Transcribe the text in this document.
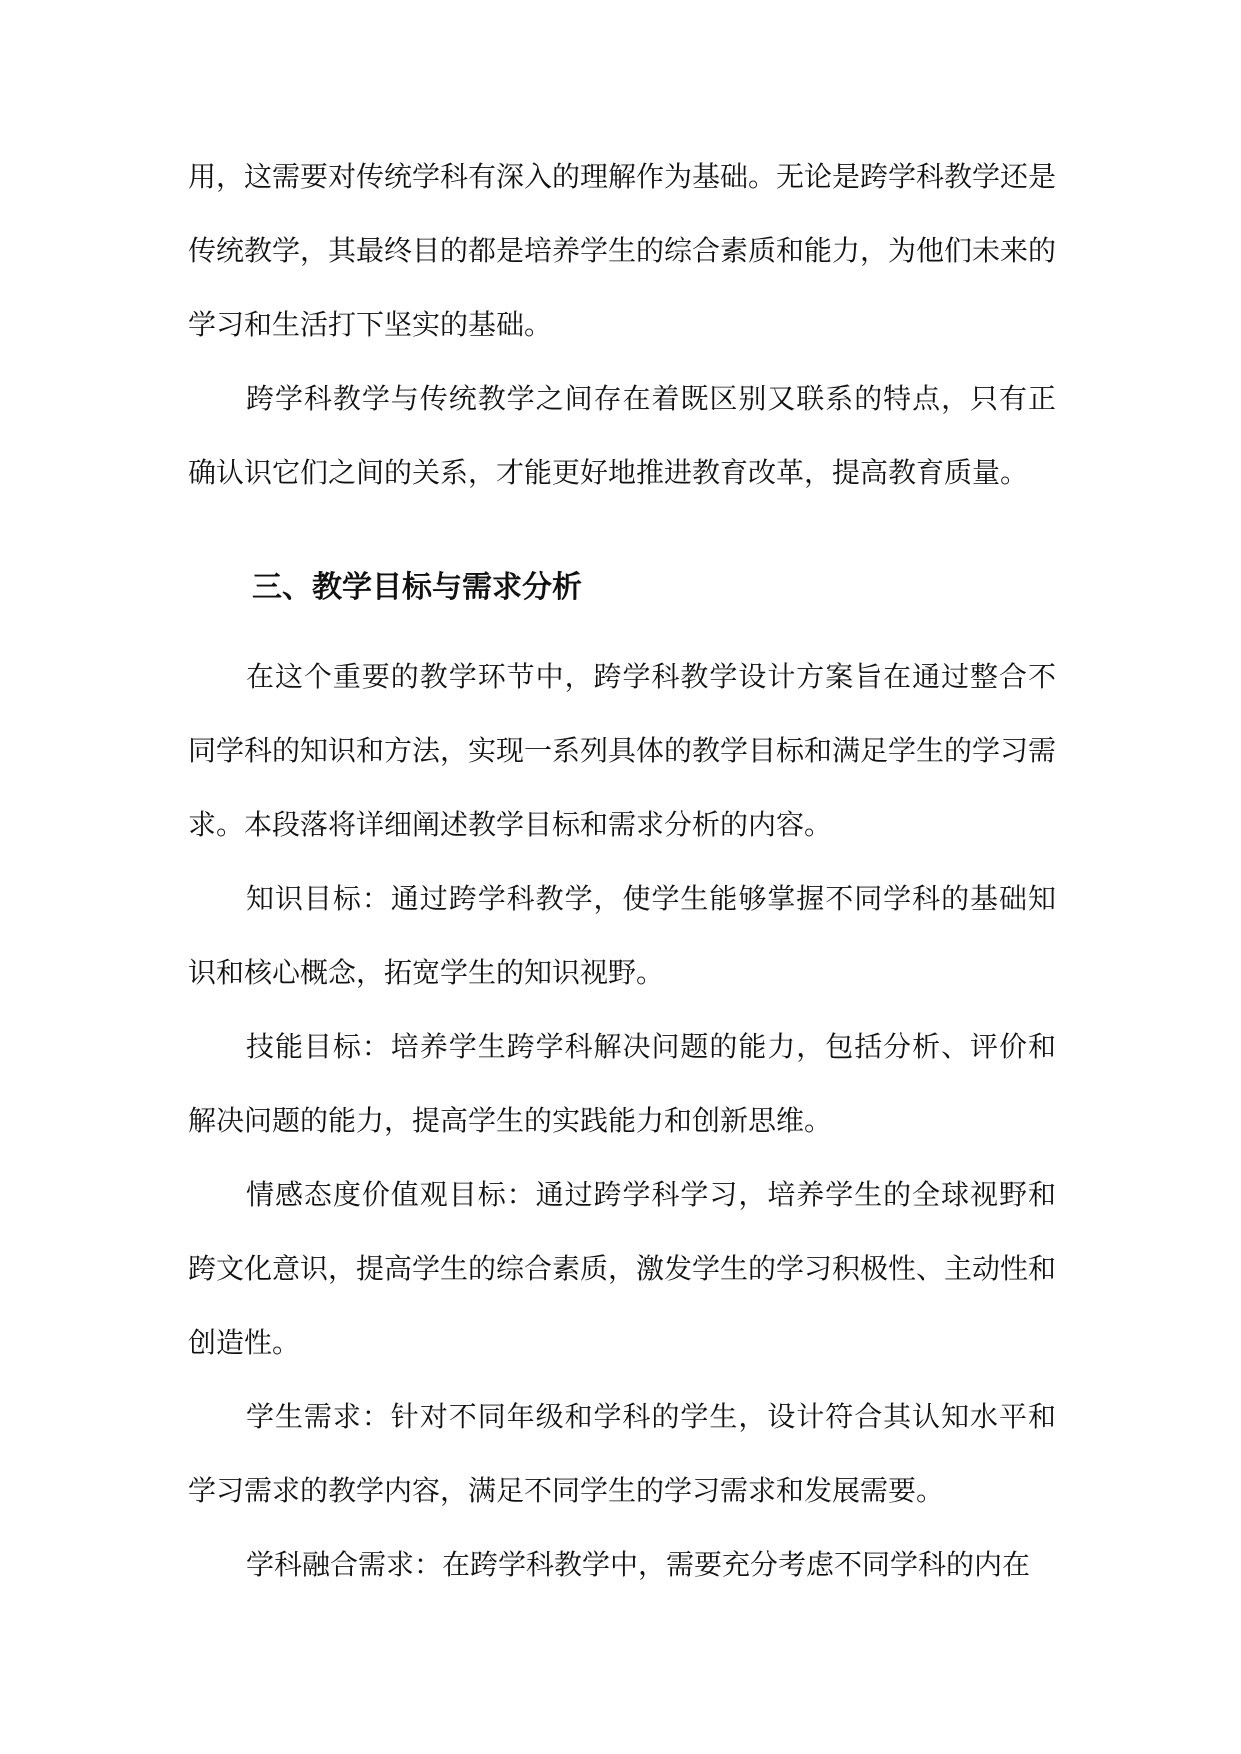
用，这需要对传统学科有深入的理解作为基础。无论是跨学科教学还是传统教学，其最终目的都是培养学生的综合素质和能力，为他们未来的学习和生活打下坚实的基础。

跨学科教学与传统教学之间存在着既区别又联系的特点，只有正确认识它们之间的关系，才能更好地推进教育改革，提高教育质量。

三、教学目标与需求分析

在这个重要的教学环节中，跨学科教学设计方案旨在通过整合不同学科的知识和方法，实现一系列具体的教学目标和满足学生的学习需求。本段落将详细阐述教学目标和需求分析的内容。

知识目标：通过跨学科教学，使学生能够掌握不同学科的基础知识和核心概念，拓宽学生的知识视野。

技能目标：培养学生跨学科解决问题的能力，包括分析、评价和解决问题的能力，提高学生的实践能力和创新思维。

情感态度价值观目标：通过跨学科学习，培养学生的全球视野和跨文化意识，提高学生的综合素质，激发学生的学习积极性、主动性和创造性。

学生需求：针对不同年级和学科的学生，设计符合其认知水平和学习需求的教学内容，满足不同学生的学习需求和发展需要。

学科融合需求：在跨学科教学中，需要充分考虑不同学科的内在
